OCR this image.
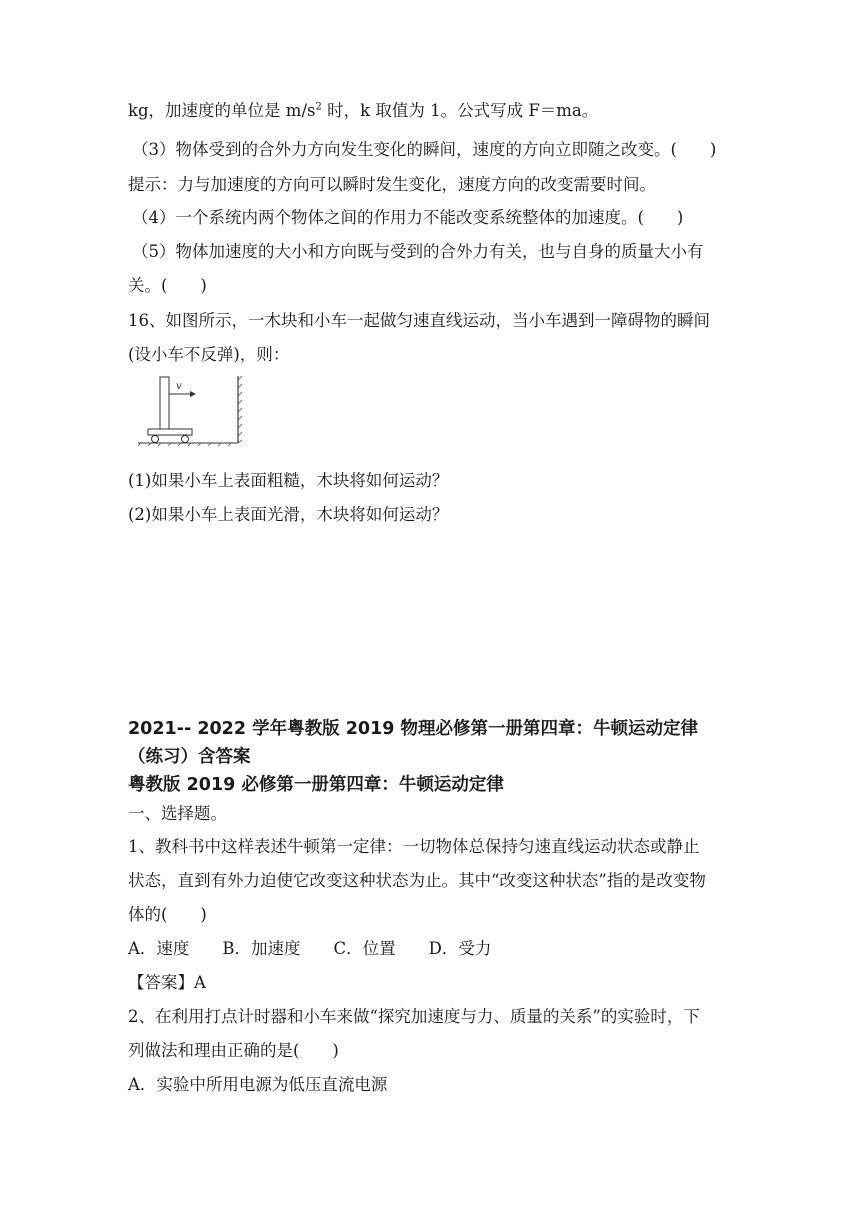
kg，加速度的单位是 $m/s^2$ 时，k 取值为 1。公式写成 F＝ma。
（3）物体受到的合外力方向发生变化的瞬间，速度的方向立即随之改变。(　　)
提示：力与加速度的方向可以瞬时发生变化，速度方向的改变需要时间。
（4）一个系统内两个物体之间的作用力不能改变系统整体的加速度。(　　)
（5）物体加速度的大小和方向既与受到的合外力有关，也与自身的质量大小有
关。(　　)
16、如图所示，一木块和小车一起做匀速直线运动，当小车遇到一障碍物的瞬间
(设小车不反弹)，则：
v
(1)如果小车上表面粗糙，木块将如何运动？
(2)如果小车上表面光滑，木块将如何运动？
2021-- 2022 学年粤教版 2019 物理必修第一册第四章：牛顿运动定律
（练习）含答案
粤教版 2019 必修第一册第四章：牛顿运动定律
一、选择题。
1、教科书中这样表述牛顿第一定律：一切物体总保持匀速直线运动状态或静止
状态，直到有外力迫使它改变这种状态为止。其中“改变这种状态”指的是改变物
体的(　　)
A．速度　　B．加速度　　C．位置　　D．受力
【答案】A
2、在利用打点计时器和小车来做“探究加速度与力、质量的关系”的实验时，下
列做法和理由正确的是(　　)
A．实验中所用电源为低压直流电源
